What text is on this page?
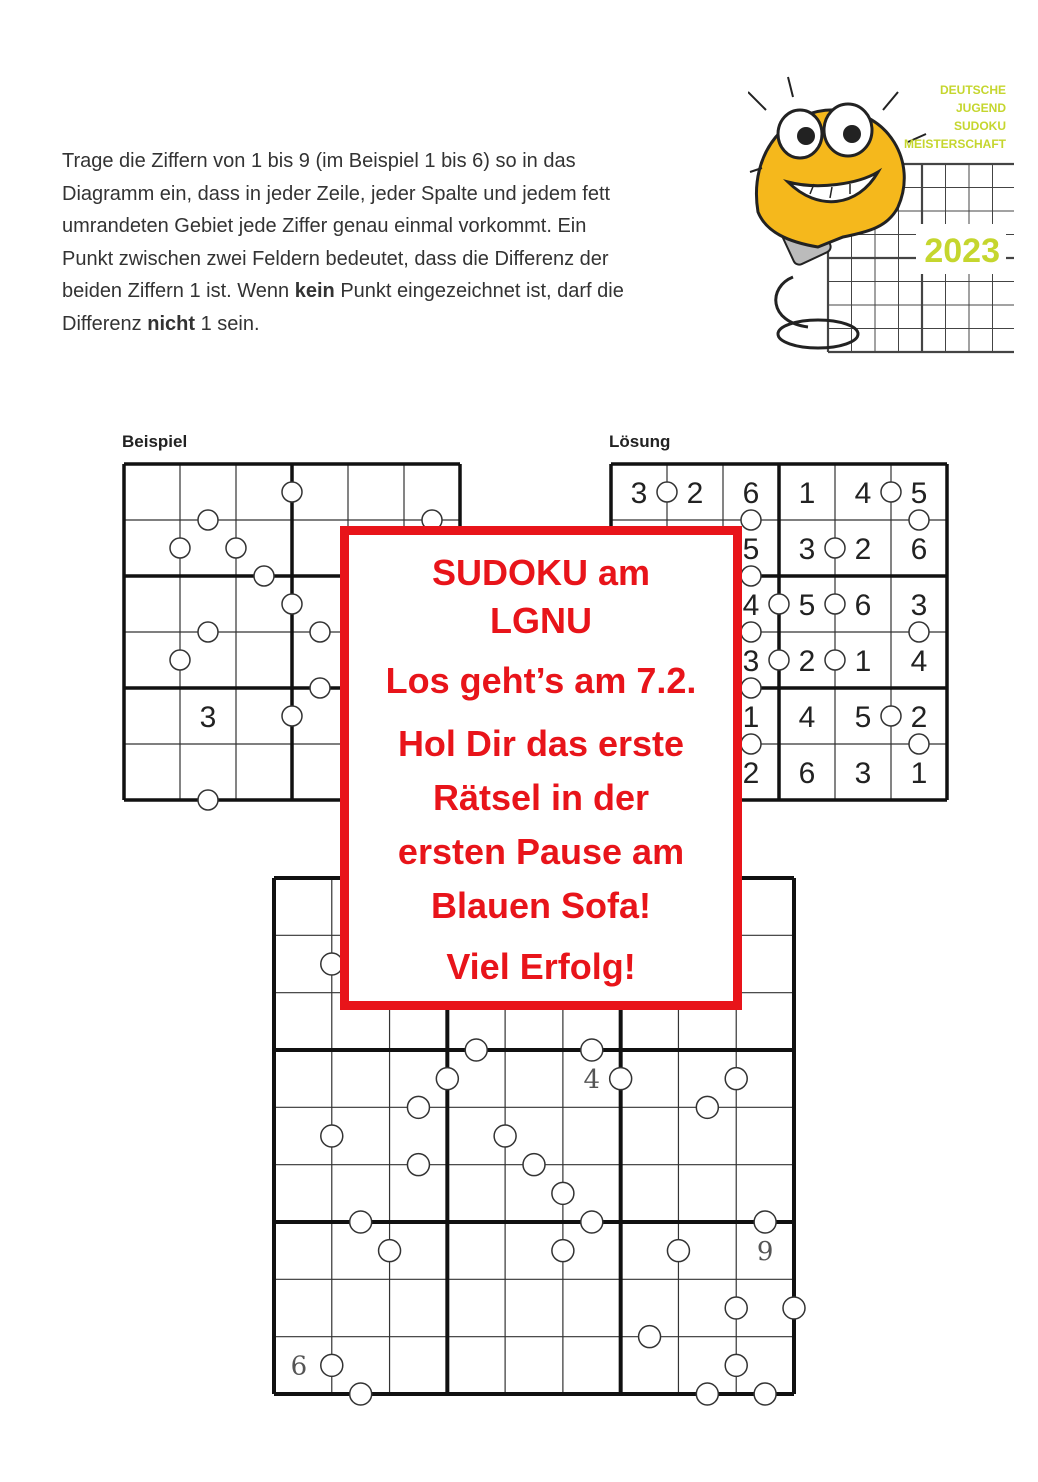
Trage die Ziffern von 1 bis 9 (im Beispiel 1 bis 6) so in das
Diagramm ein, dass in jeder Zeile, jeder Spalte und jedem fett
umrandeten Gebiet jede Ziffer genau einmal vorkommt. Ein
Punkt zwischen zwei Feldern bedeutet, dass die Differenz der
beiden Ziffern 1 ist. Wenn kein Punkt eingezeichnet ist, darf die
Differenz nicht 1 sein.

DEUTSCHE
JUGEND
SUDOKU
MEISTERSCHAFT
2023
Beispiel
3
Lösung
3 2 6 1 4 5
5 3 2 6
4 5 6 3
3 2 1 4
1 4 5 2
2 6 3 1
4
9
6
SUDOKU am
LGNU
Los geht’s am 7.2.
Hol Dir das erste
Rätsel in der
ersten Pause am
Blauen Sofa!
Viel Erfolg!
